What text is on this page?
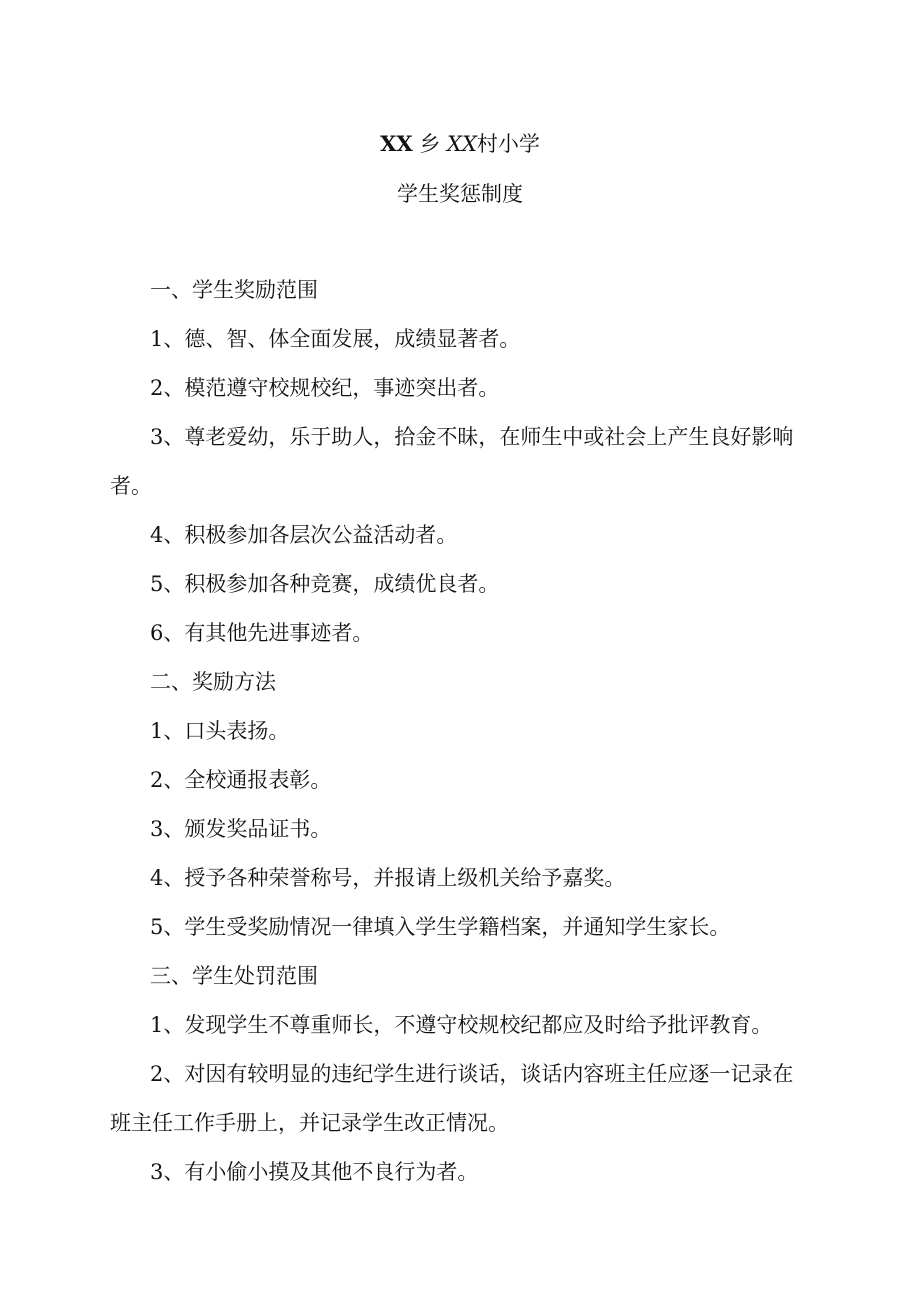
XX 乡 XX村小学
学生奖惩制度
一、学生奖励范围
1、德、智、体全面发展，成绩显著者。
2、模范遵守校规校纪，事迹突出者。
3、尊老爱幼，乐于助人，拾金不昧，在师生中或社会上产生良好影响
者。
4、积极参加各层次公益活动者。
5、积极参加各种竞赛，成绩优良者。
6、有其他先进事迹者。
二、奖励方法
1、口头表扬。
2、全校通报表彰。
3、颁发奖品证书。
4、授予各种荣誉称号，并报请上级机关给予嘉奖。
5、学生受奖励情况一律填入学生学籍档案，并通知学生家长。
三、学生处罚范围
1、发现学生不尊重师长，不遵守校规校纪都应及时给予批评教育。
2、对因有较明显的违纪学生进行谈话，谈话内容班主任应逐一记录在
班主任工作手册上，并记录学生改正情况。
3、有小偷小摸及其他不良行为者。
